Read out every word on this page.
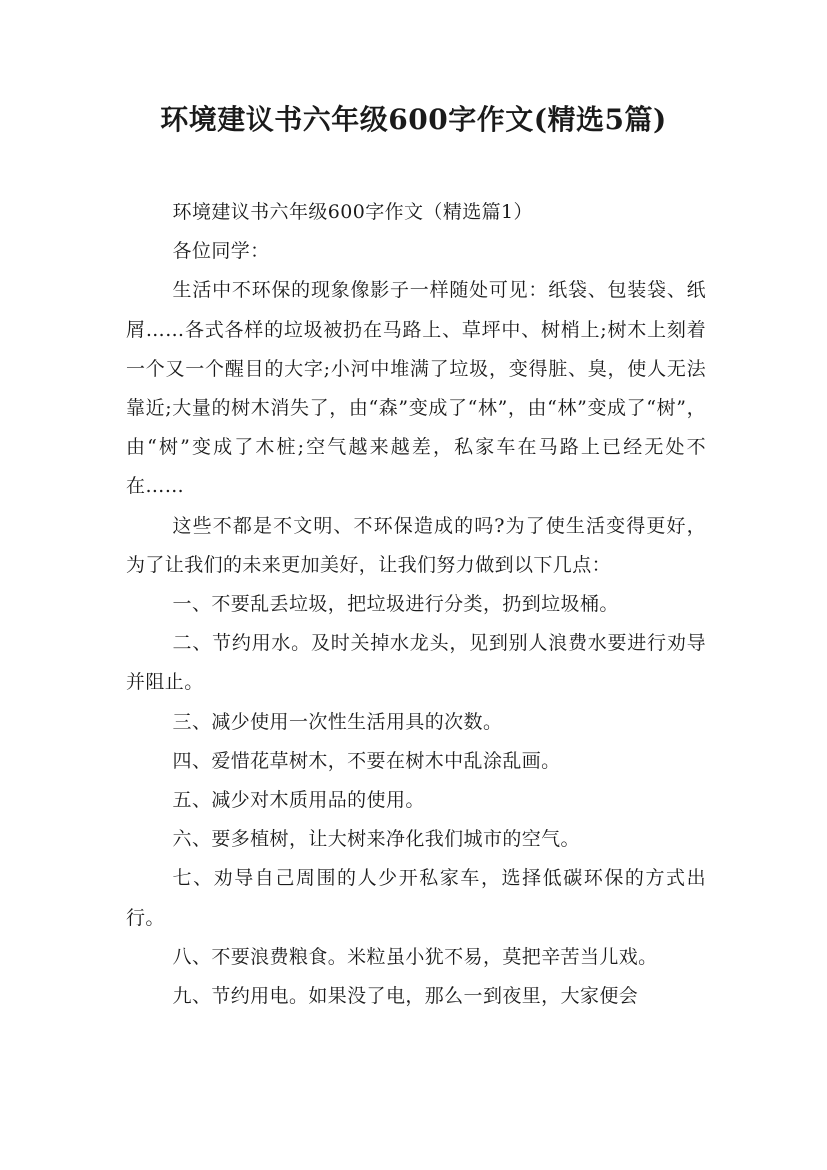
环境建议书六年级600字作文(精选5篇)

环境建议书六年级600字作文（精选篇1）

各位同学：

生活中不环保的现象像影子一样随处可见：纸袋、包装袋、纸屑……各式各样的垃圾被扔在马路上、草坪中、树梢上;树木上刻着一个又一个醒目的大字;小河中堆满了垃圾，变得脏、臭，使人无法靠近;大量的树木消失了，由“森”变成了“林”，由“林”变成了“树”，由“树”变成了木桩;空气越来越差，私家车在马路上已经无处不在……

这些不都是不文明、不环保造成的吗?为了使生活变得更好，为了让我们的未来更加美好，让我们努力做到以下几点：

一、不要乱丢垃圾，把垃圾进行分类，扔到垃圾桶。

二、节约用水。及时关掉水龙头，见到别人浪费水要进行劝导并阻止。

三、减少使用一次性生活用具的次数。

四、爱惜花草树木，不要在树木中乱涂乱画。

五、减少对木质用品的使用。

六、要多植树，让大树来净化我们城市的空气。

七、劝导自己周围的人少开私家车，选择低碳环保的方式出行。

八、不要浪费粮食。米粒虽小犹不易，莫把辛苦当儿戏。

九、节约用电。如果没了电，那么一到夜里，大家便会
